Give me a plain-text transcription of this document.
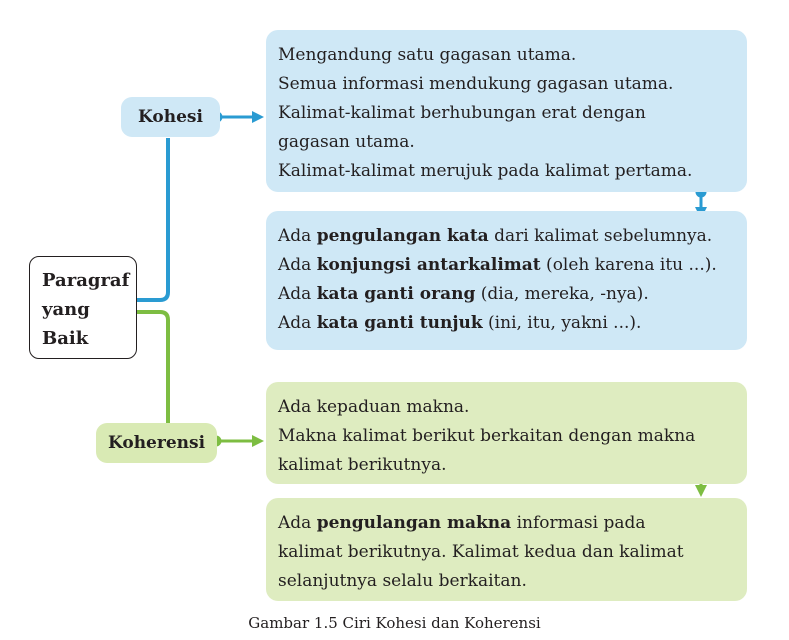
Paragraf
yang
Baik
Kohesi
Koherensi
Mengandung satu gagasan utama.
Semua informasi mendukung gagasan utama.
Kalimat-kalimat berhubungan erat dengan
gagasan utama.
Kalimat-kalimat merujuk pada kalimat pertama.
Ada pengulangan kata dari kalimat sebelumnya.
Ada konjungsi antarkalimat (oleh karena itu ...).
Ada kata ganti orang (dia, mereka, -nya).
Ada kata ganti tunjuk (ini, itu, yakni ...).
Ada kepaduan makna.
Makna kalimat berikut berkaitan dengan makna
kalimat berikutnya.
Ada pengulangan makna informasi pada
kalimat berikutnya. Kalimat kedua dan kalimat
selanjutnya selalu berkaitan.
Gambar 1.5 Ciri Kohesi dan Koherensi
